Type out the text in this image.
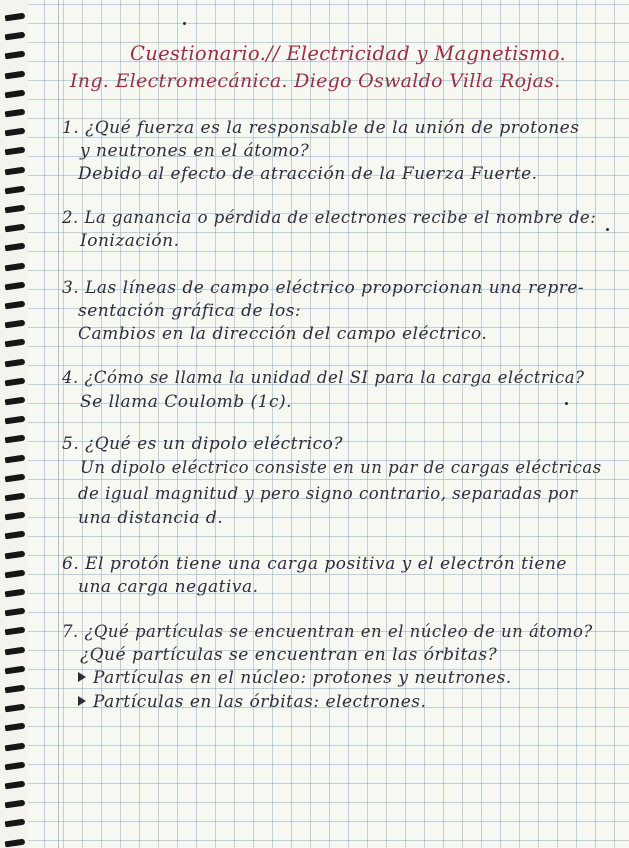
Cuestionario.// Electricidad y Magnetismo.
Ing. Electromecánica. Diego Oswaldo Villa Rojas.
1. ¿Qué fuerza es la responsable de la unión de protones
y neutrones en el átomo?
Debido al efecto de atracción de la Fuerza Fuerte.
2. La ganancia o pérdida de electrones recibe el nombre de:
Ionización.
3. Las líneas de campo eléctrico proporcionan una repre-
sentación gráfica de los:
Cambios en la dirección del campo eléctrico.
4. ¿Cómo se llama la unidad del SI para la carga eléctrica?
Se llama Coulomb (1c).
5. ¿Qué es un dipolo eléctrico?
Un dipolo eléctrico consiste en un par de cargas eléctricas
de igual magnitud y pero signo contrario, separadas por
una distancia d.
6. El protón tiene una carga positiva y el electrón tiene
una carga negativa.
7. ¿Qué partículas se encuentran en el núcleo de un átomo?
¿Qué partículas se encuentran en las órbitas?
Partículas en el núcleo: protones y neutrones.
Partículas en las órbitas: electrones.
